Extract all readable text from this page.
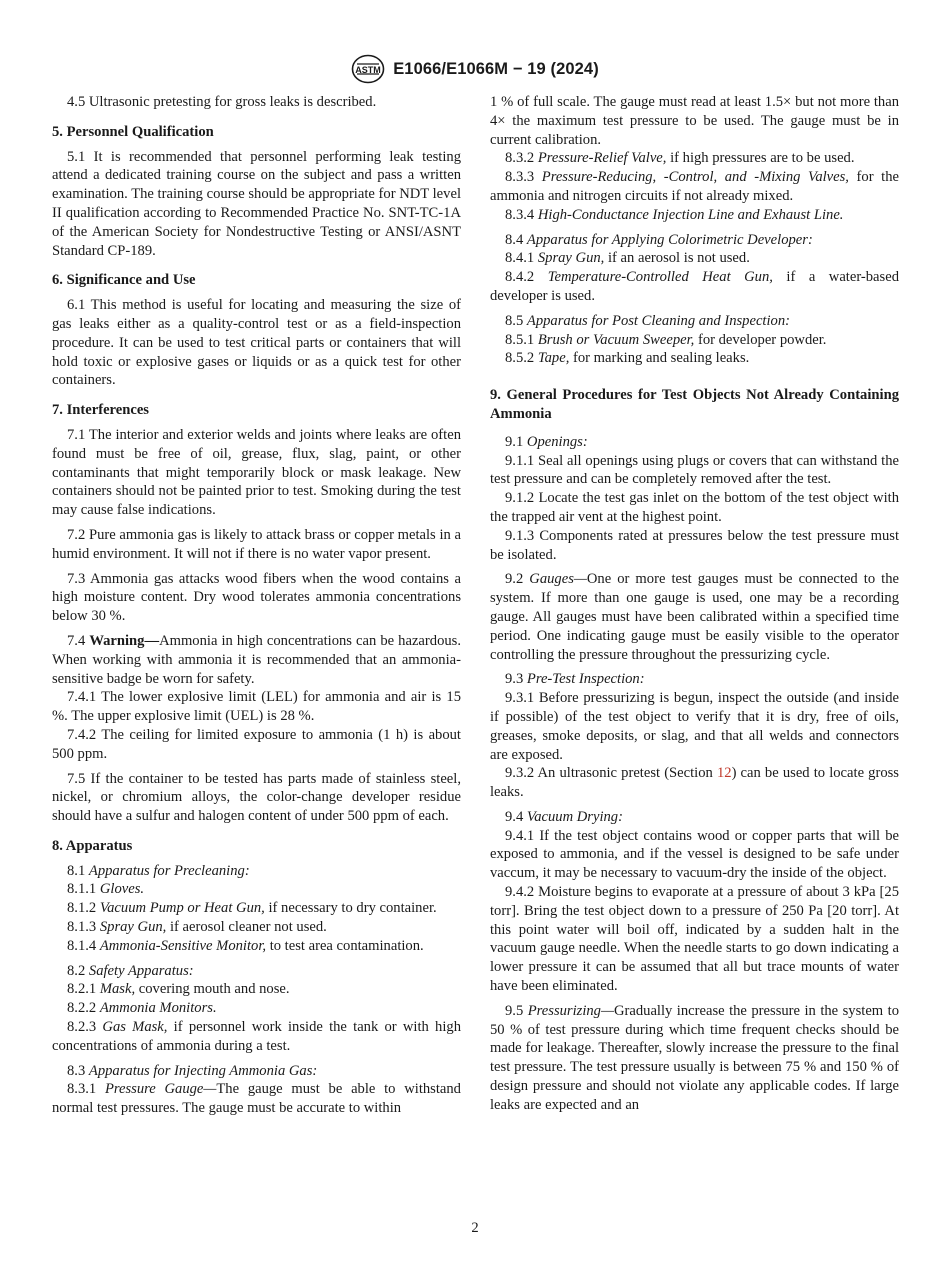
ASTM E1066/E1066M − 19 (2024)

4.5 Ultrasonic pretesting for gross leaks is described.

5. Personnel Qualification

5.1 It is recommended that personnel performing leak testing attend a dedicated training course on the subject and pass a written examination. The training course should be appropriate for NDT level II qualification according to Recommended Practice No. SNT-TC-1A of the American Society for Nondestructive Testing or ANSI/ASNT Standard CP-189.

6. Significance and Use

6.1 This method is useful for locating and measuring the size of gas leaks either as a quality-control test or as a field-inspection procedure. It can be used to test critical parts or containers that will hold toxic or explosive gases or liquids or as a quick test for other containers.

7. Interferences

7.1 The interior and exterior welds and joints where leaks are often found must be free of oil, grease, flux, slag, paint, or other contaminants that might temporarily block or mask leakage. New containers should not be painted prior to test. Smoking during the test may cause false indications.

7.2 Pure ammonia gas is likely to attack brass or copper metals in a humid environment. It will not if there is no water vapor present.

7.3 Ammonia gas attacks wood fibers when the wood contains a high moisture content. Dry wood tolerates ammonia concentrations below 30 %.

7.4 Warning—Ammonia in high concentrations can be hazardous. When working with ammonia it is recommended that an ammonia-sensitive badge be worn for safety.

7.4.1 The lower explosive limit (LEL) for ammonia and air is 15 %. The upper explosive limit (UEL) is 28 %.

7.4.2 The ceiling for limited exposure to ammonia (1 h) is about 500 ppm.

7.5 If the container to be tested has parts made of stainless steel, nickel, or chromium alloys, the color-change developer residue should have a sulfur and halogen content of under 500 ppm of each.

8. Apparatus

8.1 Apparatus for Precleaning:

8.1.1 Gloves.

8.1.2 Vacuum Pump or Heat Gun, if necessary to dry container.

8.1.3 Spray Gun, if aerosol cleaner not used.

8.1.4 Ammonia-Sensitive Monitor, to test area contamination.

8.2 Safety Apparatus:

8.2.1 Mask, covering mouth and nose.

8.2.2 Ammonia Monitors.

8.2.3 Gas Mask, if personnel work inside the tank or with high concentrations of ammonia during a test.

8.3 Apparatus for Injecting Ammonia Gas:

8.3.1 Pressure Gauge—The gauge must be able to withstand normal test pressures. The gauge must be accurate to within

1 % of full scale. The gauge must read at least 1.5× but not more than 4× the maximum test pressure to be used. The gauge must be in current calibration.

8.3.2 Pressure-Relief Valve, if high pressures are to be used.

8.3.3 Pressure-Reducing, -Control, and -Mixing Valves, for the ammonia and nitrogen circuits if not already mixed.

8.3.4 High-Conductance Injection Line and Exhaust Line.

8.4 Apparatus for Applying Colorimetric Developer:

8.4.1 Spray Gun, if an aerosol is not used.

8.4.2 Temperature-Controlled Heat Gun, if a water-based developer is used.

8.5 Apparatus for Post Cleaning and Inspection:

8.5.1 Brush or Vacuum Sweeper, for developer powder.

8.5.2 Tape, for marking and sealing leaks.

9. General Procedures for Test Objects Not Already Containing Ammonia

9.1 Openings:

9.1.1 Seal all openings using plugs or covers that can withstand the test pressure and can be completely removed after the test.

9.1.2 Locate the test gas inlet on the bottom of the test object with the trapped air vent at the highest point.

9.1.3 Components rated at pressures below the test pressure must be isolated.

9.2 Gauges—One or more test gauges must be connected to the system. If more than one gauge is used, one may be a recording gauge. All gauges must have been calibrated within a specified time period. One indicating gauge must be easily visible to the operator controlling the pressure throughout the pressurizing cycle.

9.3 Pre-Test Inspection:

9.3.1 Before pressurizing is begun, inspect the outside (and inside if possible) of the test object to verify that it is dry, free of oils, greases, smoke deposits, or slag, and that all welds and connectors are exposed.

9.3.2 An ultrasonic pretest (Section 12) can be used to locate gross leaks.

9.4 Vacuum Drying:

9.4.1 If the test object contains wood or copper parts that will be exposed to ammonia, and if the vessel is designed to be safe under vaccum, it may be necessary to vacuum-dry the inside of the object.

9.4.2 Moisture begins to evaporate at a pressure of about 3 kPa [25 torr]. Bring the test object down to a pressure of 250 Pa [20 torr]. At this point water will boil off, indicated by a sudden halt in the vacuum gauge needle. When the needle starts to go down indicating a lower pressure it can be assumed that all but trace mounts of water have been eliminated.

9.5 Pressurizing—Gradually increase the pressure in the system to 50 % of test pressure during which time frequent checks should be made for leakage. Thereafter, slowly increase the pressure to the final test pressure. The test pressure usually is between 75 % and 150 % of design pressure and should not violate any applicable codes. If large leaks are expected and an

2
